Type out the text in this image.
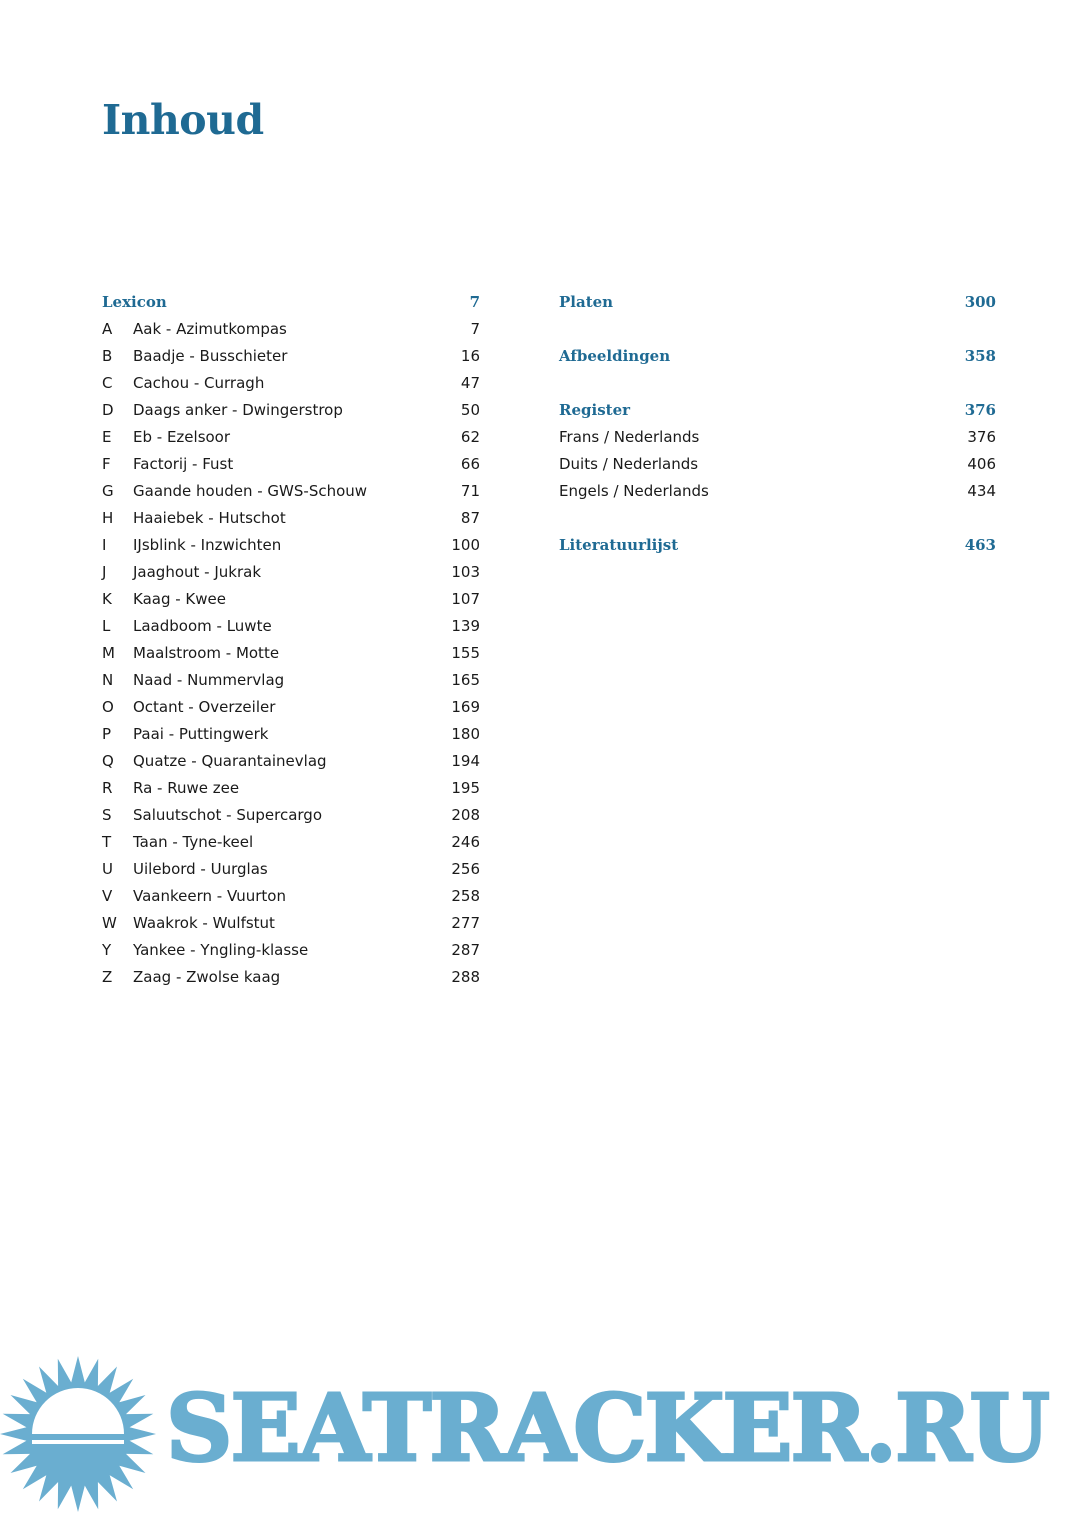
Inhoud
Lexicon	7
A Aak - Azimutkompas	7
B Baadje - Busschieter	16
C Cachou - Curragh	47
D Daags anker - Dwingerstrop	50
E Eb - Ezelsoor	62
F Factorij - Fust	66
G Gaande houden - GWS-Schouw	71
H Haaiebek - Hutschot	87
I IJsblink - Inzwichten	100
J Jaaghout - Jukrak	103
K Kaag - Kwee	107
L Laadboom - Luwte	139
M Maalstroom - Motte	155
N Naad - Nummervlag	165
O Octant - Overzeiler	169
P Paai - Puttingwerk	180
Q Quatze - Quarantainevlag	194
R Ra - Ruwe zee	195
S Saluutschot - Supercargo	208
T Taan - Tyne-keel	246
U Uilebord - Uurglas	256
V Vaankeern - Vuurton	258
W Waakrok - Wulfstut	277
Y Yankee - Yngling-klasse	287
Z Zaag - Zwolse kaag	288
Platen	300
Afbeeldingen	358
Register	376
Frans / Nederlands	376
Duits / Nederlands	406
Engels / Nederlands	434
Literatuurlijst	463
SEATRACKER.RU
